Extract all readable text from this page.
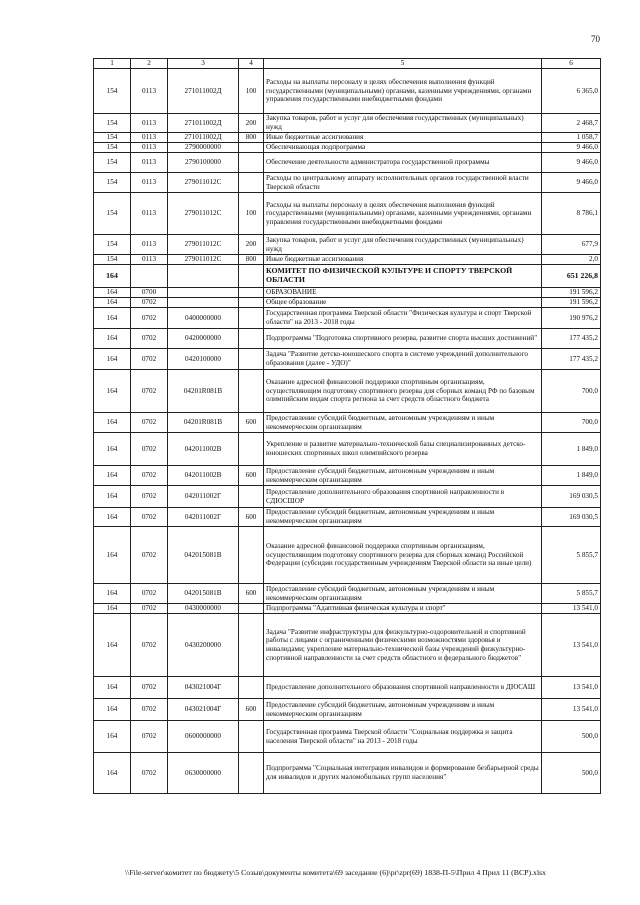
70
1	2	3	4	5	6
154	0113	271011002Д	100	Расходы на выплаты персоналу в целях обеспечения выполнения функций государственными (муниципальными) органами, казенными учреждениями, органами управления государственными внебюджетными фондами	6 365,0
154	0113	271011002Д	200	Закупка товаров, работ и услуг для обеспечения государственных (муниципальных) нужд	2 468,7
154	0113	271011002Д	800	Иные бюджетные ассигнования	1 058,7
154	0113	2790000000		Обеспечивающая подпрограмма	9 466,0
154	0113	2790100000		Обеспечение деятельности администратора государственной программы	9 466,0
154	0113	279011012С		Расходы по центральному аппарату исполнительных органов государственной власти Тверской области	9 466,0
154	0113	279011012С	100	Расходы на выплаты персоналу в целях обеспечения выполнения функций государственными (муниципальными) органами, казенными учреждениями, органами управления государственными внебюджетными фондами	8 786,1
154	0113	279011012С	200	Закупка товаров, работ и услуг для обеспечения государственных (муниципальных) нужд	677,9
154	0113	279011012С	800	Иные бюджетные ассигнования	2,0
164				КОМИТЕТ ПО ФИЗИЧЕСКОЙ КУЛЬТУРЕ И СПОРТУ ТВЕРСКОЙ ОБЛАСТИ	651 226,8
164	0700			ОБРАЗОВАНИЕ	191 596,2
164	0702			Общее образование	191 596,2
164	0702	0400000000		Государственная программа Тверской области "Физическая культура и спорт Тверской области" на 2013 - 2018 годы	190 976,2
164	0702	0420000000		Подпрограмма "Подготовка спортивного резерва, развитие спорта высших достижений"	177 435,2
164	0702	0420100000		Задача "Развитие детско-юношеского спорта в системе учреждений дополнительного образования (далее - УДО)"	177 435,2
164	0702	04201R081В		Оказание адресной финансовой поддержки спортивным организациям, осуществляющим подготовку спортивного резерва для сборных команд РФ по базовым олимпийским видам спорта региона за счет средств областного бюджета	700,0
164	0702	04201R081В	600	Предоставление субсидий бюджетным, автономным учреждениям и иным некоммерческим организациям	700,0
164	0702	042011002В		Укрепление и развитие материально-технической базы специализированных детско-юношеских спортивных школ олимпийского резерва	1 849,0
164	0702	042011002В	600	Предоставление субсидий бюджетным, автономным учреждениям и иным некоммерческим организациям	1 849,0
164	0702	042011002Г		Предоставление дополнительного образования спортивной направленности в СДЮСШОР	169 030,5
164	0702	042011002Г	600	Предоставление субсидий бюджетным, автономным учреждениям и иным некоммерческим организациям	169 030,5
164	0702	042015081В		Оказание адресной финансовой поддержки спортивным организациям, осуществляющим подготовку спортивного резерва для сборных команд Российской Федерации (субсидии государственным учреждениям Тверской области на иные цели)	5 855,7
164	0702	042015081В	600	Предоставление субсидий бюджетным, автономным учреждениям и иным некоммерческим организациям	5 855,7
164	0702	0430000000		Подпрограмма "Адаптивная физическая культура и спорт"	13 541,0
164	0702	0430200000		Задача "Развитие инфраструктуры для физкультурно-оздоровительной и спортивной работы с лицами с ограниченными физическими возможностями здоровья и инвалидами; укрепление материально-технической базы учреждений физкультурно-спортивной направленности за счет средств областного и федерального бюджетов"	13 541,0
164	0702	043021004Г		Предоставление дополнительного образования спортивной направленности в ДЮСАШ	13 541,0
164	0702	043021004Г	600	Предоставление субсидий бюджетным, автономным учреждениям и иным некоммерческим организациям	13 541,0
164	0702	0600000000		Государственная программа Тверской области "Социальная поддержка и защита населения Тверской области" на 2013 - 2018 годы	500,0
164	0702	0630000000		Подпрограмма "Социальная интеграция инвалидов и формирование безбарьерной среды для инвалидов и других маломобильных групп населения"	500,0
\\File-server\комитет по бюджету\5 Созыв\документы комитета\69 заседание (6)\pr\zpr(69) 1838-П-5\Прил 4 Прил 11 (ВСР).xlsx
